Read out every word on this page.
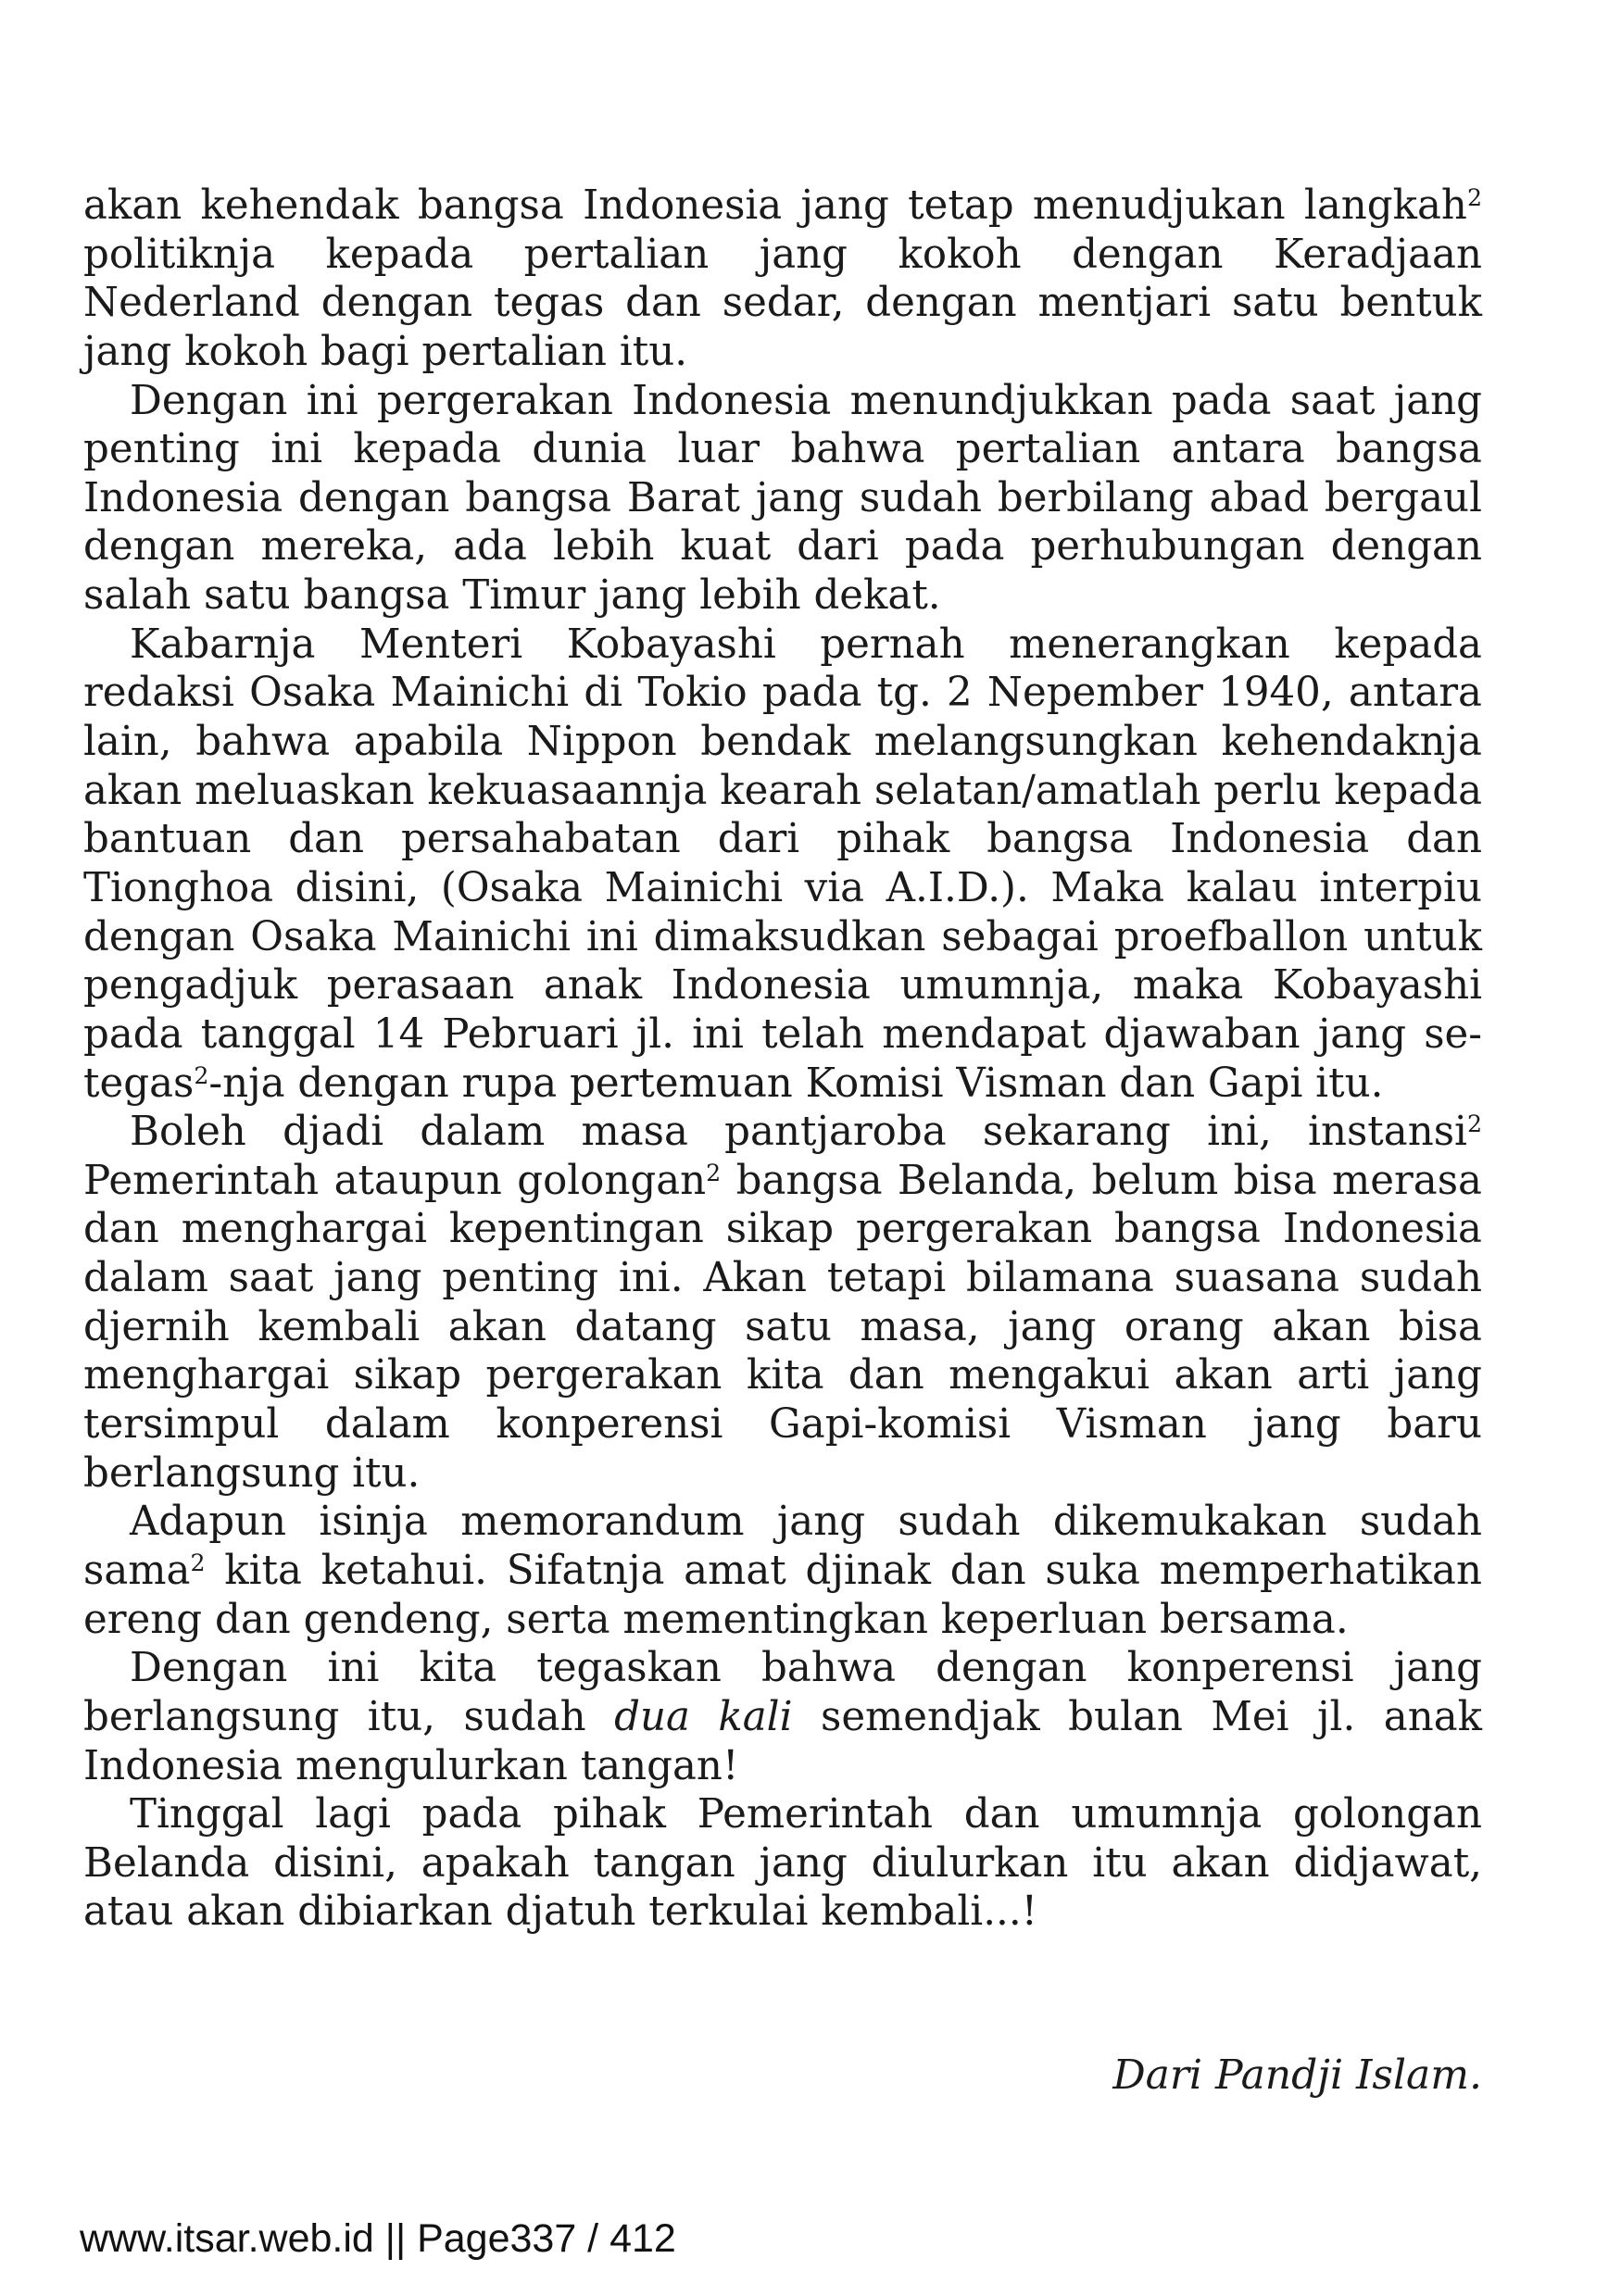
akan kehendak bangsa Indonesia jang tetap menudjukan langkah$^2$ politiknja kepada pertalian jang kokoh dengan Keradjaan Nederland dengan tegas dan sedar, dengan mentjari satu bentuk jang kokoh bagi pertalian itu.

Dengan ini pergerakan Indonesia menundjukkan pada saat jang penting ini kepada dunia luar bahwa pertalian antara bangsa Indonesia dengan bangsa Barat jang sudah berbilang abad bergaul dengan mereka, ada lebih kuat dari pada perhubungan dengan salah satu bangsa Timur jang lebih dekat.

Kabarnja Menteri Kobayashi pernah menerangkan kepada redaksi Osaka Mainichi di Tokio pada tg. 2 Nepember 1940, antara lain, bahwa apabila Nippon bendak melangsungkan kehendaknja akan meluaskan kekuasaannja kearah selatan/amatlah perlu kepada bantuan dan persahabatan dari pihak bangsa Indonesia dan Tionghoa disini, (Osaka Mainichi via A.I.D.). Maka kalau interpiu dengan Osaka Mainichi ini dimaksudkan sebagai proefballon untuk pengadjuk perasaan anak Indonesia umumnja, maka Kobayashi pada tanggal 14 Pebruari jl. ini telah mendapat djawaban jang se-tegas$^2$-nja dengan rupa pertemuan Komisi Visman dan Gapi itu.

Boleh djadi dalam masa pantjaroba sekarang ini, instansi$^2$ Pemerintah ataupun golongan$^2$ bangsa Belanda, belum bisa merasa dan menghargai kepentingan sikap pergerakan bangsa Indonesia dalam saat jang penting ini. Akan tetapi bilamana suasana sudah djernih kembali akan datang satu masa, jang orang akan bisa menghargai sikap pergerakan kita dan mengakui akan arti jang tersimpul dalam konperensi Gapi-komisi Visman jang baru berlangsung itu.

Adapun isinja memorandum jang sudah dikemukakan sudah sama$^2$ kita ketahui. Sifatnja amat djinak dan suka memperhatikan ereng dan gendeng, serta mementingkan keperluan bersama.

Dengan ini kita tegaskan bahwa dengan konperensi jang berlangsung itu, sudah dua kali semendjak bulan Mei jl. anak Indonesia mengulurkan tangan!

Tinggal lagi pada pihak Pemerintah dan umumnja golongan Belanda disini, apakah tangan jang diulurkan itu akan didjawat, atau akan dibiarkan djatuh terkulai kembali...!

Dari Pandji Islam.
www.itsar.web.id || Page337 / 412
